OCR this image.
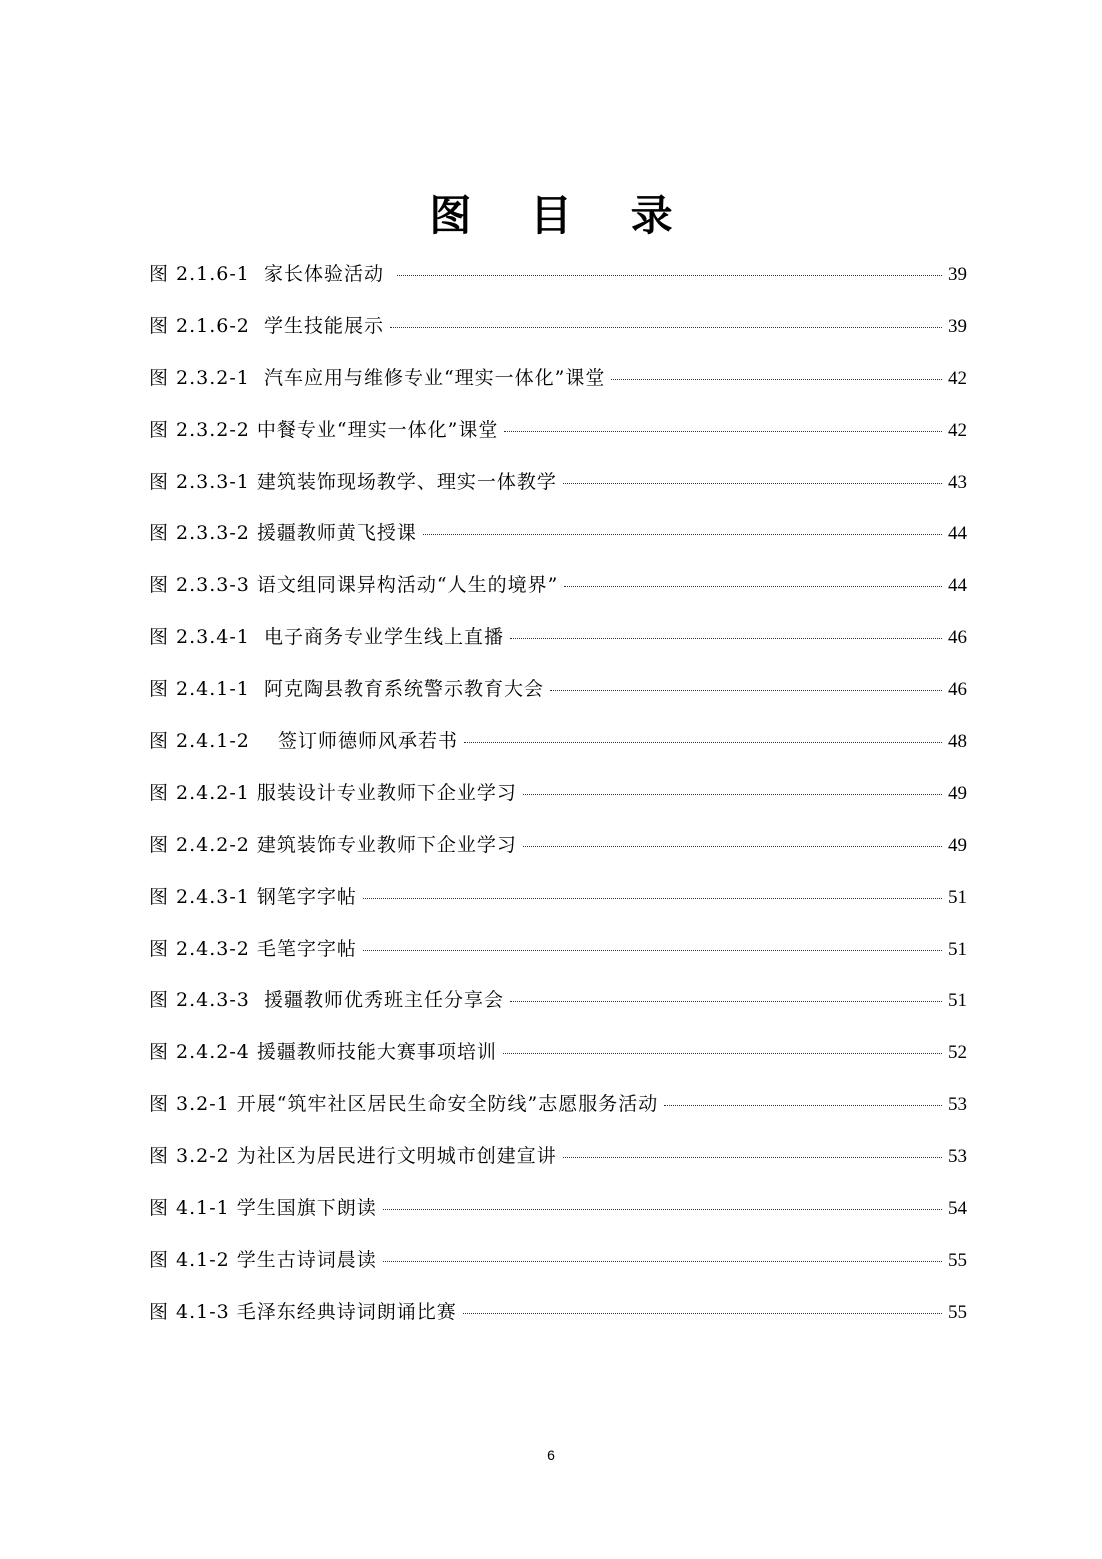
图 目 录
图 2.1.6-1  家长体验活动	39
图 2.1.6-2  学生技能展示	39
图 2.3.2-1  汽车应用与维修专业“理实一体化”课堂	42
图 2.3.2-2 中餐专业“理实一体化”课堂	42
图 2.3.3-1 建筑装饰现场教学、理实一体教学	43
图 2.3.3-2 援疆教师黄飞授课	44
图 2.3.3-3 语文组同课异构活动“人生的境界”	44
图 2.3.4-1  电子商务专业学生线上直播	46
图 2.4.1-1  阿克陶县教育系统警示教育大会	46
图 2.4.1-2    签订师德师风承若书	48
图 2.4.2-1 服装设计专业教师下企业学习	49
图 2.4.2-2 建筑装饰专业教师下企业学习	49
图 2.4.3-1 钢笔字字帖	51
图 2.4.3-2 毛笔字字帖	51
图 2.4.3-3  援疆教师优秀班主任分享会	51
图 2.4.2-4 援疆教师技能大赛事项培训	52
图 3.2-1 开展“筑牢社区居民生命安全防线”志愿服务活动	53
图 3.2-2 为社区为居民进行文明城市创建宣讲	53
图 4.1-1 学生国旗下朗读	54
图 4.1-2 学生古诗词晨读	55
图 4.1-3 毛泽东经典诗词朗诵比赛	55
6
